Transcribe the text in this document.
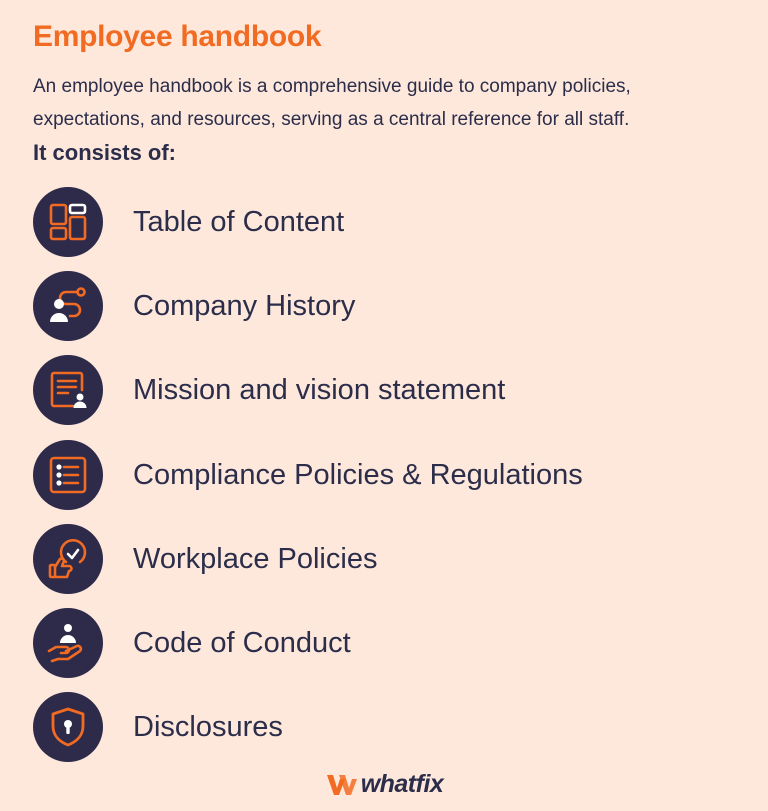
Employee handbook
An employee handbook is a comprehensive guide to company policies, expectations, and resources, serving as a central reference for all staff.
It consists of:
Table of Content
Company History
Mission and vision statement
Compliance Policies & Regulations
Workplace Policies
Code of Conduct
Disclosures
whatfix
